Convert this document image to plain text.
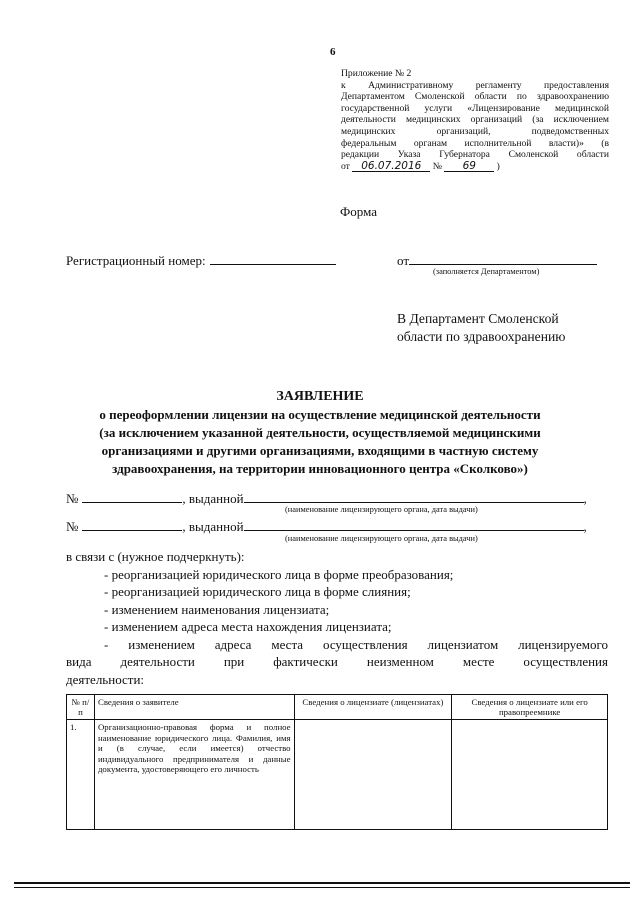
6
Приложение № 2
к Административному регламенту предоставления
Департаментом Смоленской области по здравоохранению
государственной услуги «Лицензирование медицинской
деятельности медицинских организаций (за исключением
медицинских организаций, подведомственных
федеральным органам исполнительной власти)» (в
редакции Указа Губернатора Смоленской области
от 06.07.2016 № 69 )
Форма
Регистрационный номер:	от
(заполняется Департаментом)
В Департамент Смоленской
области по здравоохранению
ЗАЯВЛЕНИЕ
о переоформлении лицензии на осуществление медицинской деятельности
(за исключением указанной деятельности, осуществляемой медицинскими
организациями и другими организациями, входящими в частную систему
здравоохранения, на территории инновационного центра «Сколково»)
№	, выданной	,
(наименование лицензирующего органа, дата выдачи)
№	, выданной	,
(наименование лицензирующего органа, дата выдачи)
в связи с (нужное подчеркнуть):
- реорганизацией юридического лица в форме преобразования;
- реорганизацией юридического лица в форме слияния;
- изменением наименования лицензиата;
- изменением адреса места нахождения лицензиата;
- изменением адреса места осуществления лицензиатом лицензируемого
вида деятельности при фактически неизменном месте осуществления
деятельности:
№ п/п	Сведения о заявителе	Сведения о лицензиате (лицензиатах)	Сведения о лицензиате или его правопреемнике
1.	Организационно-правовая форма и полное наименование юридического лица. Фамилия, имя и (в случае, если имеется) отчество индивидуального предпринимателя и данные документа, удостоверяющего его личность		
